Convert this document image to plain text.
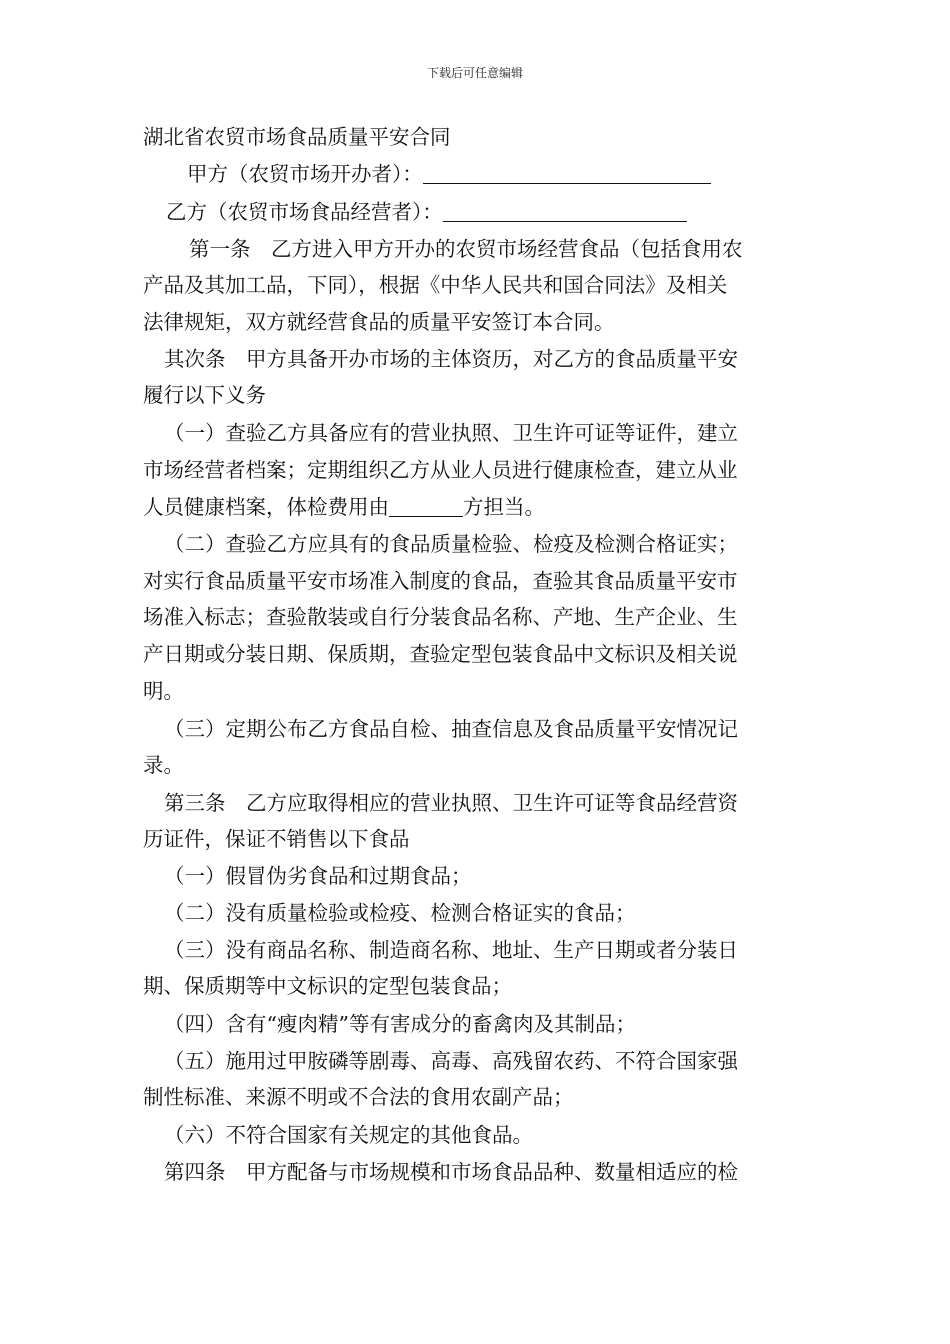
下载后可任意编辑
湖北省农贸市场食品质量平安合同
甲方（农贸市场开办者）：
乙方（农贸市场食品经营者）：
第一条　乙方进入甲方开办的农贸市场经营食品（包括食用农
产品及其加工品，下同），根据《中华人民共和国合同法》及相关
法律规矩，双方就经营食品的质量平安签订本合同。
其次条　甲方具备开办市场的主体资历，对乙方的食品质量平安
履行以下义务
（一）查验乙方具备应有的营业执照、卫生许可证等证件，建立
市场经营者档案；定期组织乙方从业人员进行健康检查，建立从业
人员健康档案，体检费用由	方担当。
（二）查验乙方应具有的食品质量检验、检疫及检测合格证实；
对实行食品质量平安市场准入制度的食品，查验其食品质量平安市
场准入标志；查验散装或自行分装食品名称、产地、生产企业、生
产日期或分装日期、保质期，查验定型包装食品中文标识及相关说
明。
（三）定期公布乙方食品自检、抽查信息及食品质量平安情况记
录。
第三条　乙方应取得相应的营业执照、卫生许可证等食品经营资
历证件，保证不销售以下食品
（一）假冒伪劣食品和过期食品；
（二）没有质量检验或检疫、检测合格证实的食品；
（三）没有商品名称、制造商名称、地址、生产日期或者分装日
期、保质期等中文标识的定型包装食品；
（四）含有“瘦肉精”等有害成分的畜禽肉及其制品；
（五）施用过甲胺磷等剧毒、高毒、高残留农药、不符合国家强
制性标准、来源不明或不合法的食用农副产品；
（六）不符合国家有关规定的其他食品。
第四条　甲方配备与市场规模和市场食品品种、数量相适应的检
